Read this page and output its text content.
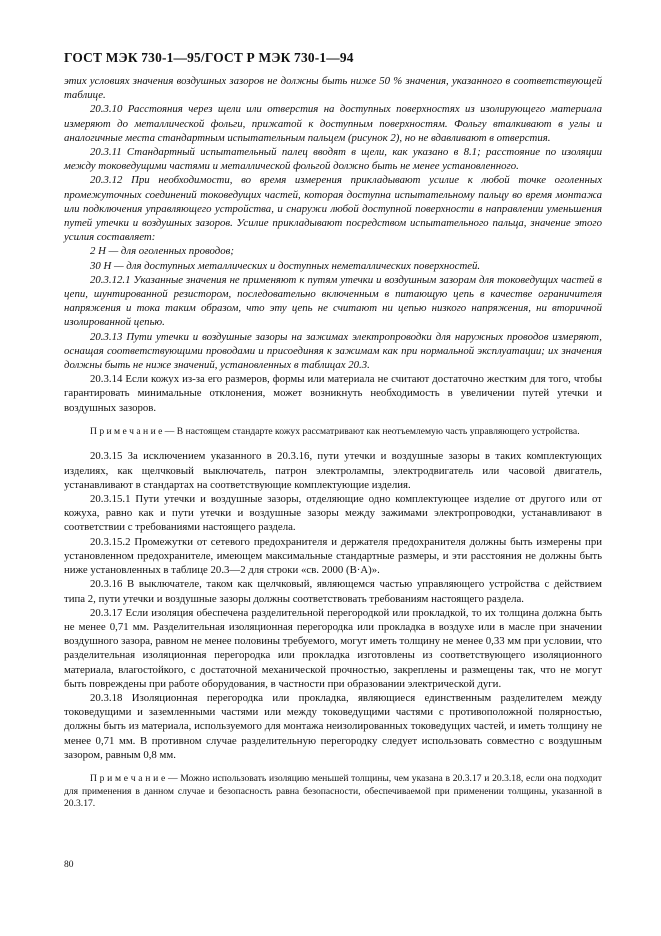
ГОСТ МЭК 730-1—95/ГОСТ Р МЭК 730-1—94

этих условиях значения воздушных зазоров не должны быть ниже 50 % значения, указанного в соответствующей таблице.

20.3.10 Расстояния через щели или отверстия на доступных поверхностях из изолирующего материала измеряют до металлической фольги, прижатой к доступным поверхностям. Фольгу вталкивают в углы и аналогичные места стандартным испытательным пальцем (рисунок 2), но не вдавливают в отверстия.

20.3.11 Стандартный испытательный палец вводят в щели, как указано в 8.1; расстояние по изоляции между токоведущими частями и металлической фольгой должно быть не менее установленного.

20.3.12 При необходимости, во время измерения прикладывают усилие к любой точке оголенных промежуточных соединений токоведущих частей, которая доступна испытательному пальцу во время монтажа или подключения управляющего устройства, и снаружи любой доступной поверхности в направлении уменьшения путей утечки и воздушных зазоров. Усилие прикладывают посредством испытательного пальца, значение этого усилия составляет:

2 Н — для оголенных проводов;

30 Н — для доступных металлических и доступных неметаллических поверхностей.

20.3.12.1 Указанные значения не применяют к путям утечки и воздушным зазорам для токоведущих частей в цепи, шунтированной резистором, последовательно включенным в питающую цепь в качестве ограничителя напряжения и тока таким образом, что эту цепь не считают ни цепью низкого напряжения, ни вторичной изолированной цепью.

20.3.13 Пути утечки и воздушные зазоры на зажимах электропроводки для наружных проводов измеряют, оснащая соответствующими проводами и присоединяя к зажимам как при нормальной эксплуатации; их значения должны быть не ниже значений, установленных в таблицах 20.3.

20.3.14 Если кожух из-за его размеров, формы или материала не считают достаточно жестким для того, чтобы гарантировать минимальные отклонения, может возникнуть необходимость в увеличении путей утечки и воздушных зазоров.

П р и м е ч а н и е — В настоящем стандарте кожух рассматривают как неотъемлемую часть управляющего устройства.

20.3.15 За исключением указанного в 20.3.16, пути утечки и воздушные зазоры в таких комплектующих изделиях, как щелчковый выключатель, патрон электролампы, электродвигатель или часовой двигатель, устанавливают в стандартах на соответствующие комплектующие изделия.

20.3.15.1 Пути утечки и воздушные зазоры, отделяющие одно комплектующее изделие от другого или от кожуха, равно как и пути утечки и воздушные зазоры между зажимами электропроводки, устанавливают в соответствии с требованиями настоящего раздела.

20.3.15.2 Промежутки от сетевого предохранителя и держателя предохранителя должны быть измерены при установленном предохранителе, имеющем максимальные стандартные размеры, и эти расстояния не должны быть ниже установленных в таблице 20.3—2 для строки «св. 2000 (В·А)».

20.3.16 В выключателе, таком как щелчковый, являющемся частью управляющего устройства с действием типа 2, пути утечки и воздушные зазоры должны соответствовать требованиям настоящего раздела.

20.3.17 Если изоляция обеспечена разделительной перегородкой или прокладкой, то их толщина должна быть не менее 0,71 мм. Разделительная изоляционная перегородка или прокладка в воздухе или в масле при значении воздушного зазора, равном не менее половины требуемого, могут иметь толщину не менее 0,33 мм при условии, что разделительная изоляционная перегородка или прокладка изготовлены из соответствующего изоляционного материала, влагостойкого, с достаточной механической прочностью, закреплены и размещены так, что не могут быть повреждены при работе оборудования, в частности при образовании электрической дуги.

20.3.18 Изоляционная перегородка или прокладка, являющиеся единственным разделителем между токоведущими и заземленными частями или между токоведущими частями с противоположной полярностью, должны быть из материала, используемого для монтажа неизолированных токоведущих частей, и иметь толщину не менее 0,71 мм. В противном случае разделительную перегородку следует использовать совместно с воздушным зазором, равным 0,8 мм.

П р и м е ч а н и е — Можно использовать изоляцию меньшей толщины, чем указана в 20.3.17 и 20.3.18, если она подходит для применения в данном случае и безопасность равна безопасности, обеспечиваемой при применении толщины, указанной в 20.3.17.

80
